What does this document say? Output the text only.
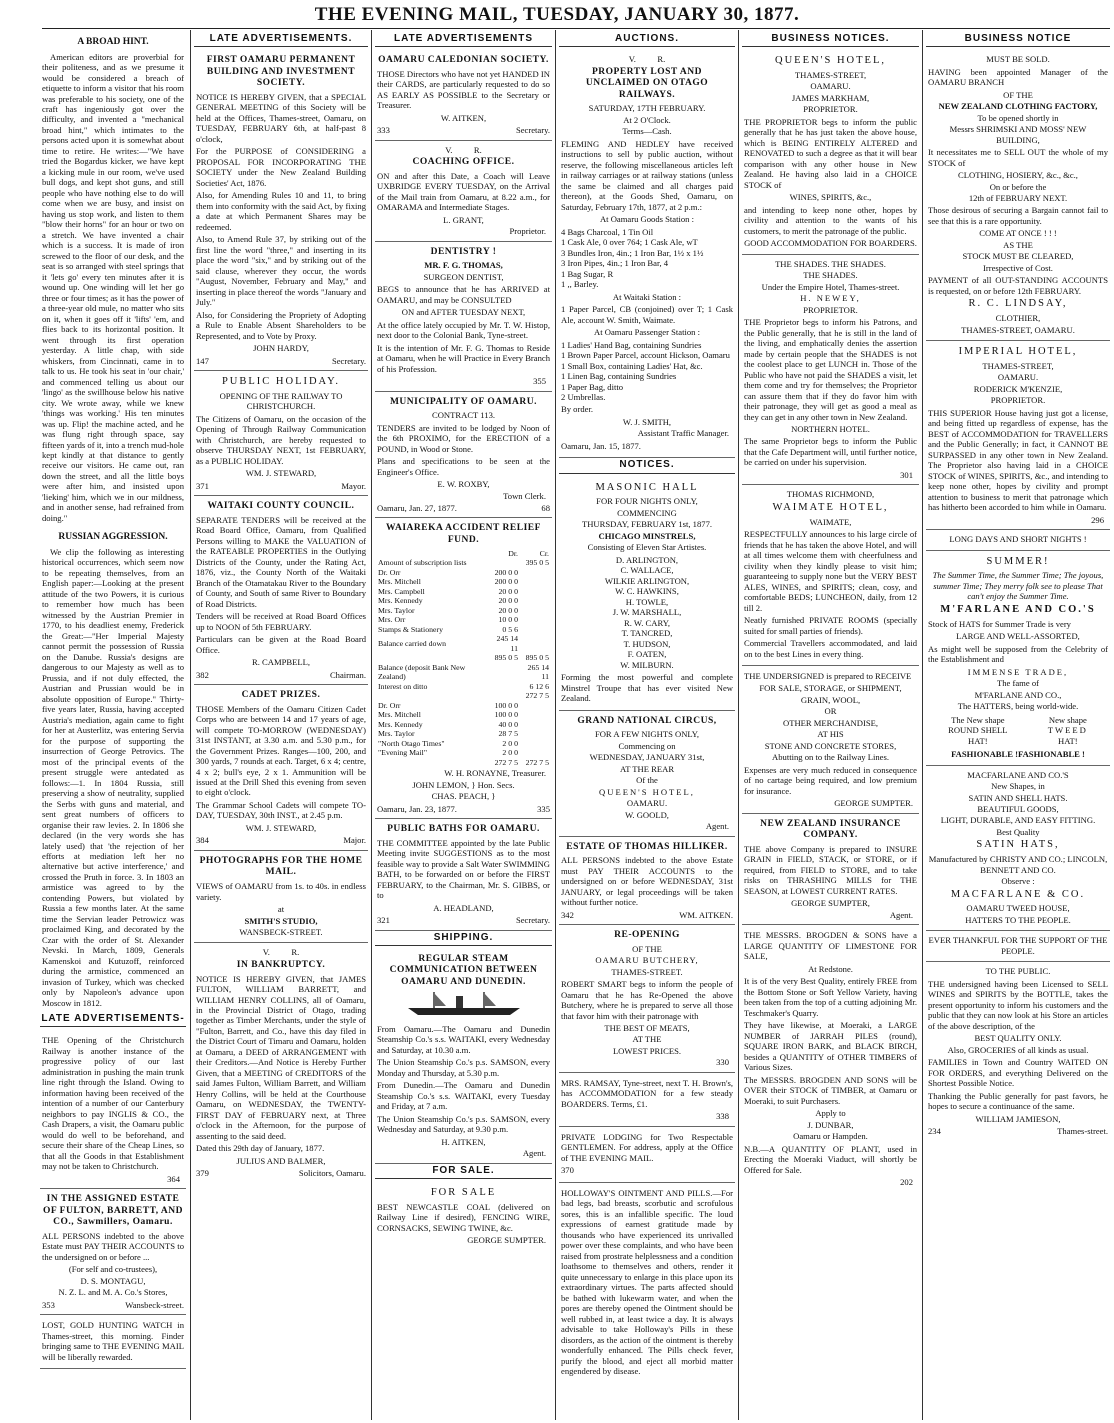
THE EVENING MAIL, TUESDAY, JANUARY 30, 1877.
A BROAD HINT.
American editors are proverbial for their politeness, and as we presume it would be considered a breach of etiquette to inform a visitor that his room was preferable to his society, one of the craft has ingeniously got over the difficulty, and invented a "mechanical broad hint," which intimates to the persons acted upon it is somewhat about time to retire. He writes:—"We have tried the Bogardus kicker, we have kept a kicking mule in our room, we've used bull dogs, and kept shot guns, and still people who have nothing else to do will come when we are busy, and insist on having us stop work, and listen to them "blow their horns" for an hour or two on a stretch. We have invented a chair which is a success. It is made of iron screwed to the floor of our desk, and the seat is so arranged with steel springs that it 'lets go' every ten minutes after it is wound up. One winding will let her go three or four times; as it has the power of a three-year old mule, no matter who sits on it, when it goes off it 'lifts' 'em, and flies back to its horizontal position. It went through its first operation yesterday. A little chap, with side whiskers, from Cincinnati, came in to talk to us. He took his seat in 'our chair,' and commenced telling us about our 'lingo' as the swillhouse below his native city. We wrote away, while we knew 'things was working.' His ten minutes was up. Flip! the machine acted, and he was flung right through space, say fifteen yards of it, into a trench mud-hole kept kindly at that distance to gently receive our visitors. He came out, ran down the street, and all the little boys were after him, and insisted upon 'lieking' him, which we in our mildness, and in another sense, had refrained from doing."
RUSSIAN AGGRESSION.
We clip the following as interesting historical occurrences, which seem now to be repeating themselves, from an English paper:—Looking at the present attitude of the two Powers, it is curious to remember how much has been witnessed by the Austrian Premier in 1770, to his deadliest enemy, Frederick the Great:—"Her Imperial Majesty cannot permit the possession of Russia on the Danube. Russia's designs are dangerous to our Majesty as well as to Prussia, and if not duly effected, the Austrian and Prussian would be in absolute opposition of Europe." Thirty-five years later, Russia, having accepted Austria's mediation, again came to fight for her at Austerlitz, was entering Servia for the purpose of supporting the insurrection of George Petrovics. The most of the principal events of the present struggle were antedated as follows:—1. In 1804 Russia, still preserving a show of neutrality, supplied the Serbs with guns and material, and sent great numbers of officers to organise their raw levies. 2. In 1806 she declared (in the very words she has lately used) that 'the rejection of her efforts at mediation left her no alternative but active interference,' and crossed the Pruth in force. 3. In 1803 an armistice was agreed to by the contending Powers, but violated by Russia a few months later. At the same time the Servian leader Petrowicz was proclaimed King, and decorated by the Czar with the order of St. Alexander Nevski. In March, 1809, Generals Kamenskoi and Kutuzoff, reinforced during the armistice, commenced an invasion of Turkey, which was checked only by Napoleon's advance upon Moscow in 1812.
LATE ADVERTISEMENTS-
THE Opening of the Christchurch Railway is another instance of the progressive policy of our last administration in pushing the main trunk line right through the Island. Owing to information having been received of the intention of a number of our Canterbury neighbors to pay INGLIS & CO., the Cash Drapers, a visit, the Oamaru public would do well to be beforehand, and secure their share of the Cheap Lines, so that all the Goods in that Establishment may not be taken to Christchurch.
364
IN THE ASSIGNED ESTATE OF FULTON, BARRETT, AND CO., Sawmillers, Oamaru.
ALL PERSONS indebted to the above Estate must PAY THEIR ACCOUNTS to the undersigned on or before ...
(For self and co-trustees),
D. S. MONTAGU,
N. Z. L. and M. A. Co.'s Stores,
353	Wansbeck-street.
LOST, GOLD HUNTING WATCH in Thames-street, this morning. Finder bringing same to THE EVENING MAIL will be liberally rewarded.
LATE ADVERTISEMENTS.
FIRST OAMARU PERMANENT BUILDING AND INVESTMENT SOCIETY.
NOTICE IS HEREBY GIVEN, that a SPECIAL GENERAL MEETING of this Society will be held at the Offices, Thames-street, Oamaru, on TUESDAY, FEBRUARY 6th, at half-past 8 o'clock,
For the PURPOSE of CONSIDERING a PROPOSAL FOR INCORPORATING THE SOCIETY under the New Zealand Building Societies' Act, 1876.
Also, for Amending Rules 10 and 11, to bring them into conformity with the said Act, by fixing a date at which Permanent Shares may be redeemed.
Also, to Amend Rule 37, by striking out of the first line the word "three," and inserting in its place the word "six," and by striking out of the said clause, wherever they occur, the words "August, November, February and May," and inserting in place thereof the words "January and July."
Also, for Considering the Propriety of Adopting a Rule to Enable Absent Shareholders to be Represented, and to Vote by Proxy.
JOHN HARDY,
147	Secretary.
PUBLIC HOLIDAY.
OPENING OF THE RAILWAY TO CHRISTCHURCH.
The Citizens of Oamaru, on the occasion of the Opening of Through Railway Communication with Christchurch, are hereby requested to observe THURSDAY NEXT, 1st FEBRUARY, as a PUBLIC HOLIDAY.
WM. J. STEWARD,
371	Mayor.
WAITAKI COUNTY COUNCIL.
SEPARATE TENDERS will be received at the Road Board Office, Oamaru, from Qualified Persons willing to MAKE the VALUATION of the RATEABLE PROPERTIES in the Outlying Districts of the County, under the Rating Act, 1876, viz., the County North of the Waitaki Branch of the Otamatakau River to the Boundary of County, and South of same River to Boundary of Road Districts.
Tenders will be received at Road Board Offices up to NOON of 5th FEBRUARY.
Particulars can be given at the Road Board Office.
R. CAMPBELL,
382	Chairman.
CADET PRIZES.
THOSE Members of the Oamaru Citizen Cadet Corps who are between 14 and 17 years of age, will compete TO-MORROW (WEDNESDAY) 31st INSTANT, at 3.30 a.m. and 5.30 p.m., for the Government Prizes. Ranges—100, 200, and 300 yards, 7 rounds at each. Target, 6 x 4; centre, 4 x 2; bull's eye, 2 x 1. Ammunition will be issued at the Drill Shed this evening from seven to eight o'clock.
The Grammar School Cadets will compete TO-DAY, TUESDAY, 30th INST., at 2.45 p.m.
WM. J. STEWARD,
384	Major.
PHOTOGRAPHS FOR THE HOME MAIL.
VIEWS of OAMARU from 1s. to 40s. in endless variety.
at
SMITH'S STUDIO,
WANSBECK-STREET.
V.          R.
IN BANKRUPTCY.
NOTICE IS HEREBY GIVEN, that JAMES FULTON, WILLIAM BARRETT, and WILLIAM HENRY COLLINS, all of Oamaru, in the Provincial District of Otago, trading together as Timber Merchants, under the style of "Fulton, Barrett, and Co., have this day filed in the District Court of Timaru and Oamaru, holden at Oamaru, a DEED of ARRANGEMENT with their Creditors.—And Notice is Hereby Further Given, that a MEETING of CREDITORS of the said James Fulton, William Barrett, and William Henry Collins, will be held at the Courthouse Oamaru, on WEDNESDAY, the TWENTY-FIRST DAY of FEBRUARY next, at Three o'clock in the Afternoon, for the purpose of assenting to the said deed.
Dated this 29th day of January, 1877.
JULIUS AND BALMER,
379	Solicitors, Oamaru.
LATE ADVERTISEMENTS
OAMARU CALEDONIAN SOCIETY.
THOSE Directors who have not yet HANDED IN their CARDS, are particularly requested to do so AS EARLY AS POSSIBLE to the Secretary or Treasurer.
W. AITKEN,
333	Secretary.
V.          R.
COACHING OFFICE.
ON and after this Date, a Coach will Leave UXBRIDGE EVERY TUESDAY, on the Arrival of the Mail train from Oamaru, at 8.22 a.m., for OMARAMA and Intermediate Stages.
L. GRANT,
Proprietor.
DENTISTRY !
MR. F. G. THOMAS,
SURGEON DENTIST,
BEGS to announce that he has ARRIVED at OAMARU, and may be CONSULTED
ON and AFTER TUESDAY NEXT,
At the office lately occupied by Mr. T. W. Histop, next door to the Colonial Bank, Tyne-street.
It is the intention of Mr. F. G. Thomas to Reside at Oamaru, when he will Practice in Every Branch of his Profession.
355
MUNICIPALITY OF OAMARU.
CONTRACT 113.
TENDERS are invited to be lodged by Noon of the 6th PROXIMO, for the ERECTION of a POUND, in Wood or Stone.
Plans and specifications to be seen at the Engineer's Office.
E. W. ROXBY,
Town Clerk.
Oamaru, Jan. 27, 1877.	68
WAIAREKA ACCIDENT RELIEF FUND.
	Dr.	Cr.
Amount of subscription lists		395 0 5
Dr. Orr	200 0 0	
Mrs. Mitchell	200 0 0	
Mrs. Campbell	20 0 0	
Mrs. Kennedy	20 0 0	
Mrs. Taylor	20 0 0	
Mrs. Orr	10 0 0	
Stamps & Stationery	0 5 6	
Balance carried down	245 14 11	
	895 0 5	895 0 5
Balance (deposit Bank New Zealand)		265 14 11
Interest on ditto		6 12 6
		272 7 5
Dr. Orr	100 0 0	
Mrs. Mitchell	100 0 0	
Mrs. Kennedy	40 0 0	
Mrs. Taylor	28 7 5	
"North Otago Times"	2 0 0	
"Evening Mail"	2 0 0	
	272 7 5	272 7 5
W. H. RONAYNE, Treasurer.
JOHN LEMON, } Hon. Secs.
CHAS. PEACH, }
Oamaru, Jan. 23, 1877.	335
PUBLIC BATHS FOR OAMARU.
THE COMMITTEE appointed by the late Public Meeting invite SUGGESTIONS as to the most feasible way to provide a Salt Water SWIMMING BATH, to be forwarded on or before the FIRST FEBRUARY, to the Chairman, Mr. S. GIBBS, or to
A. HEADLAND,
321	Secretary.
SHIPPING.
REGULAR STEAM COMMUNICATION BETWEEN OAMARU AND DUNEDIN.
From Oamaru.—The Oamaru and Dunedin Steamship Co.'s s.s. WAITAKI, every Wednesday and Saturday, at 10.30 a.m.
The Union Steamship Co.'s p.s. SAMSON, every Monday and Thursday, at 5.30 p.m.
From Dunedin.—The Oamaru and Dunedin Steamship Co.'s s.s. WAITAKI, every Tuesday and Friday, at 7 a.m.
The Union Steamship Co.'s p.s. SAMSON, every Wednesday and Saturday, at 9.30 p.m.
H. AITKEN,
Agent.
FOR SALE.
FOR SALE
BEST NEWCASTLE COAL (delivered on Railway Line if desired), FENCING WIRE, CORNSACKS, SEWING TWINE, &c.
GEORGE SUMPTER.
AUCTIONS.
V.          R.
PROPERTY LOST AND UNCLAIMED ON OTAGO RAILWAYS.
SATURDAY, 17TH FEBRUARY.
At 2 O'Clock.
Terms—Cash.
FLEMING AND HEDLEY have received instructions to sell by public auction, without reserve, the following miscellaneous articles left in railway carriages or at railway stations (unless the same be claimed and all charges paid thereon), at the Goods Shed, Oamaru, on Saturday, February 17th, 1877, at 2 p.m.:
At Oamaru Goods Station :
4 Bags Charcoal, 1 Tin Oil
1 Cask Ale, 0 over 764; 1 Cask Ale, wT
3 Bundles Iron, 4in.; 1 Iron Bar, 1½ x 1½
3 Iron Pipes, 4in.; 1 Iron Bar, 4
1 Bag Sugar, R
1 ,, Barley.
At Waitaki Station :
1 Paper Parcel, CB (conjoined) over T; 1 Cask Ale, account W. Smith, Waimate.
At Oamaru Passenger Station :
1 Ladies' Hand Bag, containing Sundries
1 Brown Paper Parcel, account Hickson, Oamaru
1 Small Box, containing Ladies' Hat, &c.
1 Linen Bag, containing Sundries
1 Paper Bag, ditto
2 Umbrellas.
By order.
W. J. SMITH,
Assistant Traffic Manager.
Oamaru, Jan. 15, 1877.
NOTICES.
MASONIC HALL
FOR FOUR NIGHTS ONLY,
COMMENCING
THURSDAY, FEBRUARY 1st, 1877.
CHICAGO MINSTRELS,
Consisting of Eleven Star Artistes.
D. ARLINGTON,
C. WALLACE,
WILKIE ARLINGTON,
W. C. HAWKINS,
H. TOWLE,
J. W. MARSHALL,
R. W. CARY,
T. TANCRED,
T. HUDSON,
F. OATEN,
W. MILBURN.
Forming the most powerful and complete Minstrel Troupe that has ever visited New Zealand.
GRAND NATIONAL CIRCUS,
FOR A FEW NIGHTS ONLY,
Commencing on
WEDNESDAY, JANUARY 31st,
AT THE REAR
Of the
QUEEN'S HOTEL,
OAMARU.
W. GOOLD,
Agent.
ESTATE OF THOMAS HILLIKER.
ALL PERSONS indebted to the above Estate must PAY THEIR ACCOUNTS to the undersigned on or before WEDNESDAY, 31st JANUARY, or legal proceedings will be taken without further notice.
342	WM. AITKEN.
RE-OPENING
OF THE
OAMARU BUTCHERY,
THAMES-STREET.
ROBERT SMART begs to inform the people of Oamaru that he has Re-Opened the above Butchery, where he is prepared to serve all those that favor him with their patronage with
THE BEST OF MEATS,
AT THE
LOWEST PRICES.
330
MRS. RAMSAY, Tyne-street, next T. H. Brown's, has ACCOMMODATION for a few steady BOARDERS. Terms, £1.
338
PRIVATE LODGING for Two Respectable GENTLEMEN. For address, apply at the Office of THE EVENING MAIL.
370
HOLLOWAY'S OINTMENT AND PILLS.—For bad legs, bad breasts, scorbutic and scrofulous sores, this is an infallible specific. The loud expressions of earnest gratitude made by thousands who have experienced its unrivalled power over these complaints, and who have been raised from prostrate helplessness and a condition loathsome to themselves and others, render it quite unnecessary to enlarge in this place upon its extraordinary virtues. The parts affected should be bathed with lukewarm water, and when the pores are thereby opened the Ointment should be well rubbed in, at least twice a day. It is always advisable to take Holloway's Pills in these disorders, as the action of the ointment is thereby wonderfully enhanced. The Pills check fever, purify the blood, and eject all morbid matter engendered by disease.
BUSINESS NOTICES.
QUEEN'S HOTEL,
THAMES-STREET,
OAMARU.
JAMES MARKHAM,
PROPRIETOR.
THE PROPRIETOR begs to inform the public generally that he has just taken the above house, which is BEING ENTIRELY ALTERED and RENOVATED to such a degree as that it will bear comparison with any other house in New Zealand. He having also laid in a CHOICE STOCK of
WINES, SPIRITS, &c.,
and intending to keep none other, hopes by civility and attention to the wants of his customers, to merit the patronage of the public.
GOOD ACCOMMODATION FOR BOARDERS.
THE SHADES. THE SHADES.
THE SHADES.
Under the Empire Hotel, Thames-street.
H. NEWEY,
PROPRIETOR.
THE Proprietor begs to inform his Patrons, and the Public generally, that he is still in the land of the living, and emphatically denies the assertion made by certain people that the SHADES is not the coolest place to get LUNCH in. Those of the Public who have not paid the SHADES a visit, let them come and try for themselves; the Proprietor can assure them that if they do favor him with their patronage, they will get as good a meal as they can get in any other town in New Zealand.
NORTHERN HOTEL.
The same Proprietor begs to inform the Public that the Cafe Department will, until further notice, be carried on under his supervision.
301
THOMAS RICHMOND,
WAIMATE HOTEL,
WAIMATE,
RESPECTFULLY announces to his large circle of friends that he has taken the above Hotel, and will at all times welcome them with cheerfulness and civility when they kindly please to visit him; guaranteeing to supply none but the VERY BEST ALES, WINES, and SPIRITS; clean, cosy, and comfortable BEDS; LUNCHEON, daily, from 12 till 2.
Neatly furnished PRIVATE ROOMS (specially suited for small parties of friends).
Commercial Travellers accommodated, and laid on to the best Lines in every thing.
THE UNDERSIGNED is prepared to RECEIVE
FOR SALE, STORAGE, or SHIPMENT,
GRAIN, WOOL,
OR
OTHER MERCHANDISE,
AT HIS
STONE AND CONCRETE STORES,
Abutting on to the Railway Lines.
Expenses are very much reduced in consequence of no cartage being required, and low premium for insurance.
GEORGE SUMPTER.
NEW ZEALAND INSURANCE COMPANY.
THE above Company is prepared to INSURE GRAIN in FIELD, STACK, or STORE, or if required, from FIELD to STORE, and to take risks on THRASHING MILLS for THE SEASON, at LOWEST CURRENT RATES.
GEORGE SUMPTER,
Agent.
THE MESSRS. BROGDEN & SONS have a LARGE QUANTITY OF LIMESTONE FOR SALE,
At Redstone.
It is of the very Best Quality, entirely FREE from the Bottom Stone or Soft Yellow Variety, having been taken from the top of a cutting adjoining Mr. Teschmaker's Quarry.
They have likewise, at Moeraki, a LARGE NUMBER of JARRAH PILES (round), SQUARE IRON BARK, and BLACK BIRCH, besides a QUANTITY of OTHER TIMBERS of Various Sizes.
The MESSRS. BROGDEN AND SONS will be OVER their STOCK of TIMBER, at Oamaru or Moeraki, to suit Purchasers.
Apply to
J. DUNBAR,
Oamaru or Hampden.
N.B.—A QUANTITY OF PLANT, used in Erecting the Moeraki Viaduct, will shortly be Offered for Sale.
202
BUSINESS NOTICE
MUST BE SOLD.
HAVING been appointed Manager of the OAMARU BRANCH
OF THE
NEW ZEALAND CLOTHING FACTORY,
To be opened shortly in
Messrs SHRIMSKI AND MOSS' NEW BUILDING,
It necessitates me to SELL OUT the whole of my STOCK of
CLOTHING, HOSIERY, &c., &c.,
On or before the
12th of FEBRUARY NEXT.
Those desirous of securing a Bargain cannot fail to see that this is a rare opportunity.
COME AT ONCE ! ! !
AS THE
STOCK MUST BE CLEARED,
Irrespective of Cost.
PAYMENT of all OUT-STANDING ACCOUNTS is requested, on or before 12th FEBRUARY.
R. C. LINDSAY,
CLOTHIER,
THAMES-STREET, OAMARU.
IMPERIAL HOTEL,
THAMES-STREET,
OAMARU.
RODERICK M'KENZIE,
PROPRIETOR.
THIS SUPERIOR House having just got a license, and being fitted up regardless of expense, has the BEST of ACCOMMODATION for TRAVELLERS and the Public Generally; in fact, it CANNOT BE SURPASSED in any other town in New Zealand. The Proprietor also having laid in a CHOICE STOCK of WINES, SPIRITS, &c., and intending to keep none other, hopes by civility and prompt attention to business to merit that patronage which has hitherto been accorded to him while in Oamaru.
296
LONG DAYS AND SHORT NIGHTS !
SUMMER!
The Summer Time, the Summer Time; The joyous, summer Time; They merry folk see to please That can't enjoy the Summer Time.
M'FARLANE AND CO.'S
Stock of HATS for Summer Trade is very
LARGE AND WELL-ASSORTED,
As might well be supposed from the Celebrity of the Establishment and
IMMENSE TRADE,
The fame of
M'FARLANE AND CO.,
The HATTERS, being world-wide.
The New shape
ROUND SHELL
HAT!
New shape
TWEED
HAT!
FASHIONABLE !FASHIONABLE !
MACFARLANE AND CO.'S
New Shapes, in
SATIN AND SHELL HATS.
BEAUTIFUL GOODS,
LIGHT, DURABLE, AND EASY FITTING.
Best Quality
SATIN HATS,
Manufactured by CHRISTY AND CO.; LINCOLN, BENNETT AND CO.
Observe :
MACFARLANE & CO.
OAMARU TWEED HOUSE,
HATTERS TO THE PEOPLE.
EVER THANKFUL FOR THE SUPPORT OF THE PEOPLE.
TO THE PUBLIC.
THE undersigned having been Licensed to SELL WINES and SPIRITS by the BOTTLE, takes the present opportunity to inform his customers and the public that they can now look at his Store an articles of the above description, of the
BEST QUALITY ONLY.
Also, GROCERIES of all kinds as usual.
FAMILIES in Town and Country WAITED ON FOR ORDERS, and everything Delivered on the Shortest Possible Notice.
Thanking the Public generally for past favors, he hopes to secure a continuance of the same.
WILLIAM JAMIESON,
234	Thames-street.
